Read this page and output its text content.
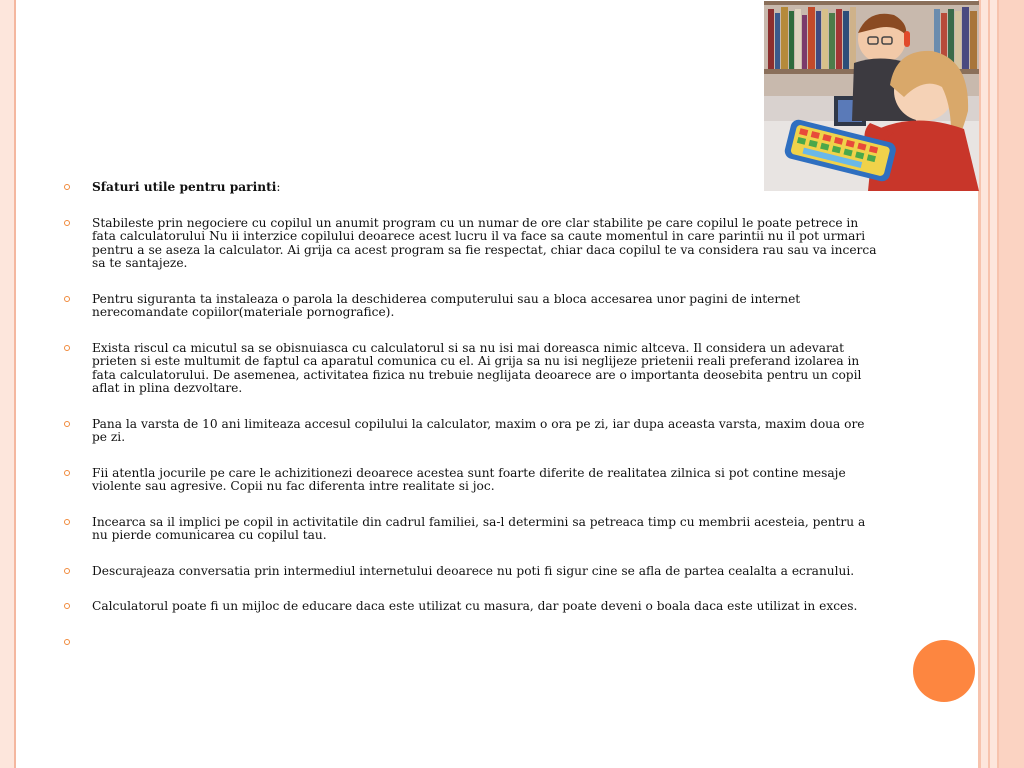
Sfaturi utile pentru parinti:
Stabileste prin negociere cu copilul un anumit program cu un numar de ore clar stabilite pe care copilul le poate petrece in fata calculatorului Nu ii interzice copilului deoarece acest lucru il va face sa caute momentul in care parintii nu il pot urmari pentru a se aseza la calculator. Ai grija ca acest program sa fie respectat, chiar daca copilul te va considera rau sau va incerca sa te santajeze.
Pentru siguranta ta instaleaza o parola la deschiderea computerului sau a bloca accesarea unor pagini de internet nerecomandate copiilor(materiale pornografice).
Exista riscul ca micutul sa se obisnuiasca cu calculatorul si sa nu isi mai doreasca nimic altceva. Il considera un adevarat prieten si este multumit de faptul ca aparatul comunica cu el. Ai grija sa nu isi neglijeze prietenii reali preferand izolarea in fata calculatorului. De asemenea, activitatea fizica nu trebuie neglijata deoarece are o importanta deosebita pentru un copil aflat in plina dezvoltare.
Pana la varsta de 10 ani limiteaza accesul copilului la calculator, maxim o ora pe zi, iar dupa aceasta varsta, maxim doua ore pe zi.
Fii atentla jocurile pe care le achizitionezi deoarece acestea sunt foarte diferite de realitatea zilnica si pot contine mesaje violente sau agresive. Copii nu fac diferenta intre realitate si joc.
Incearca sa il implici pe copil in activitatile din cadrul familiei, sa-l determini sa petreaca timp cu membrii acesteia, pentru a nu pierde comunicarea cu copilul tau.
Descurajeaza conversatia prin intermediul internetului deoarece nu poti fi sigur cine se afla de partea cealalta a ecranului.
Calculatorul poate fi un mijloc de educare daca este utilizat cu masura, dar poate deveni o boala daca este utilizat in exces.
